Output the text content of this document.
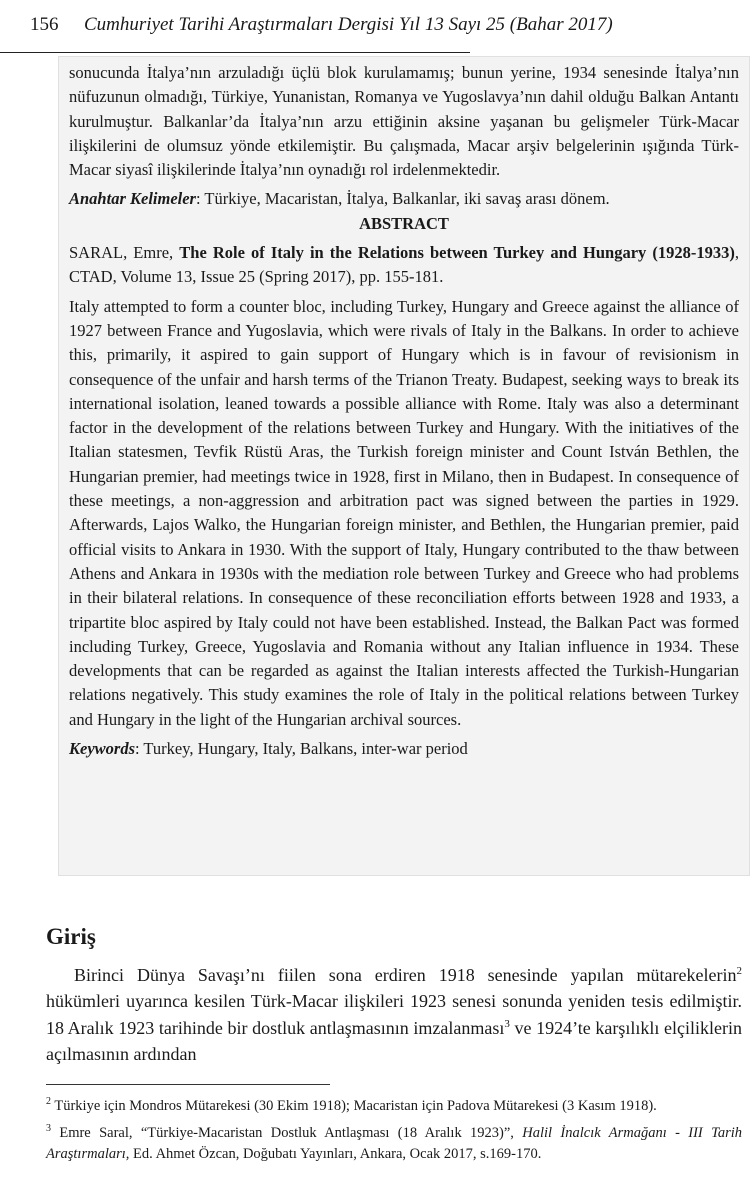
156 Cumhuriyet Tarihi Araştırmaları Dergisi Yıl 13 Sayı 25 (Bahar 2017)

sonucunda İtalya’nın arzuladığı üçlü blok kurulamamış; bunun yerine, 1934 senesinde İtalya’nın nüfuzunun olmadığı, Türkiye, Yunanistan, Romanya ve Yugoslavya’nın dahil olduğu Balkan Antantı kurulmuştur. Balkanlar’da İtalya’nın arzu ettiğinin aksine yaşanan bu gelişmeler Türk-Macar ilişkilerini de olumsuz yönde etkilemiştir. Bu çalışmada, Macar arşiv belgelerinin ışığında Türk-Macar siyasî ilişkilerinde İtalya’nın oynadığı rol irdelenmektedir.

Anahtar Kelimeler: Türkiye, Macaristan, İtalya, Balkanlar, iki savaş arası dönem.

ABSTRACT

SARAL, Emre, The Role of Italy in the Relations between Turkey and Hungary (1928-1933), CTAD, Volume 13, Issue 25 (Spring 2017), pp. 155-181.

Italy attempted to form a counter bloc, including Turkey, Hungary and Greece against the alliance of 1927 between France and Yugoslavia, which were rivals of Italy in the Balkans. In order to achieve this, primarily, it aspired to gain support of Hungary which is in favour of revisionism in consequence of the unfair and harsh terms of the Trianon Treaty. Budapest, seeking ways to break its international isolation, leaned towards a possible alliance with Rome. Italy was also a determinant factor in the development of the relations between Turkey and Hungary. With the initiatives of the Italian statesmen, Tevfik Rüstü Aras, the Turkish foreign minister and Count István Bethlen, the Hungarian premier, had meetings twice in 1928, first in Milano, then in Budapest. In consequence of these meetings, a non-aggression and arbitration pact was signed between the parties in 1929. Afterwards, Lajos Walko, the Hungarian foreign minister, and Bethlen, the Hungarian premier, paid official visits to Ankara in 1930. With the support of Italy, Hungary contributed to the thaw between Athens and Ankara in 1930s with the mediation role between Turkey and Greece who had problems in their bilateral relations. In consequence of these reconciliation efforts between 1928 and 1933, a tripartite bloc aspired by Italy could not have been established. Instead, the Balkan Pact was formed including Turkey, Greece, Yugoslavia and Romania without any Italian influence in 1934. These developments that can be regarded as against the Italian interests affected the Turkish-Hungarian relations negatively. This study examines the role of Italy in the political relations between Turkey and Hungary in the light of the Hungarian archival sources.

Keywords: Turkey, Hungary, Italy, Balkans, inter-war period

Giriş

Birinci Dünya Savaşı’nı fiilen sona erdiren 1918 senesinde yapılan mütarekelerin$^2$ hükümleri uyarınca kesilen Türk-Macar ilişkileri 1923 senesi sonunda yeniden tesis edilmiştir. 18 Aralık 1923 tarihinde bir dostluk antlaşmasının imzalanması$^3$ ve 1924’te karşılıklı elçiliklerin açılmasının ardından

$^2$ Türkiye için Mondros Mütarekesi (30 Ekim 1918); Macaristan için Padova Mütarekesi (3 Kasım 1918).

$^3$ Emre Saral, “Türkiye-Macaristan Dostluk Antlaşması (18 Aralık 1923)”, Halil İnalcık Armağanı - III Tarih Araştırmaları, Ed. Ahmet Özcan, Doğubatı Yayınları, Ankara, Ocak 2017, s.169-170.
